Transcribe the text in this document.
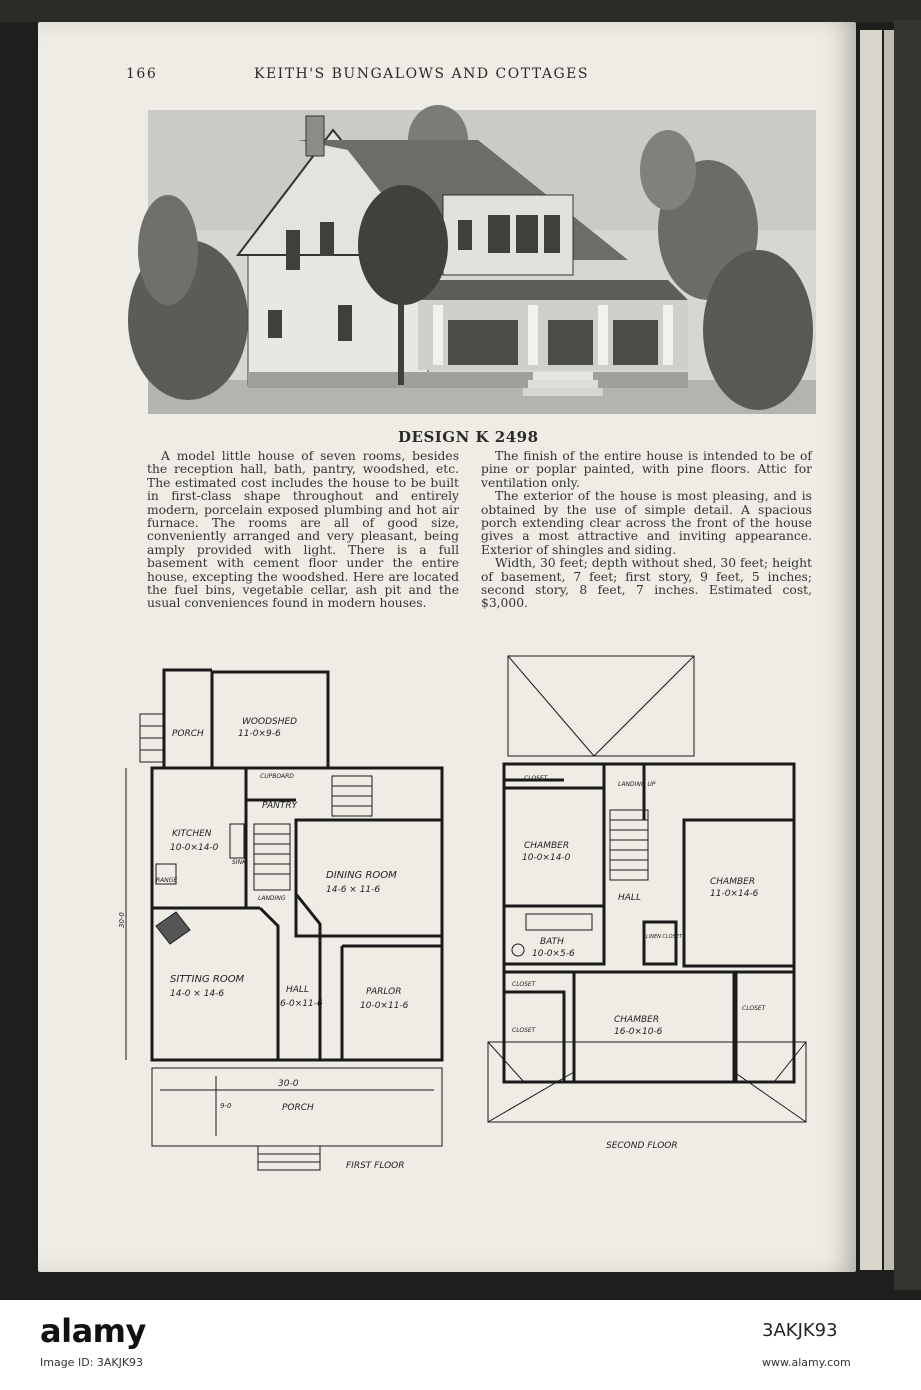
166	KEITH'S BUNGALOWS AND COTTAGES
DESIGN K 2498

A model little house of seven rooms, besides the reception hall, bath, pantry, woodshed, etc. The estimated cost includes the house to be built in first-class shape throughout and entirely modern, porcelain exposed plumbing and hot air furnace. The rooms are all of good size, conveniently arranged and very pleasant, being amply provided with light. There is a full basement with cement floor under the entire house, excepting the woodshed. Here are located the fuel bins, vegetable cellar, ash pit and the usual conveniences found in modern houses.

The finish of the entire house is intended to be of pine or poplar painted, with pine floors. Attic for ventilation only.

The exterior of the house is most pleasing, and is obtained by the use of simple detail. A spacious porch extending clear across the front of the house gives a most attractive and inviting appearance. Exterior of shingles and siding.

Width, 30 feet; depth without shed, 30 feet; height of basement, 7 feet; first story, 9 feet, 5 inches; second story, 8 feet, 7 inches. Estimated cost, $3,000.

WOODSHED
11-0×9-6
PORCH
CUPBOARD
PANTRY
KITCHEN
10-0×14-0
RANGE
SINK
LANDING
DINING ROOM
14-6 × 11-6
SITTING ROOM
14-0 × 14-6	HALL
6-0×11-6
PARLOR
10-0×11-6
30-0
30-0
9-0	PORCH
FIRST FLOOR
CLOSET
LANDING UP
CHAMBER
10-0×14-0
CHAMBER
11-0×14-6
HALL
BATH
10-0×5-6
LINEN CLOSET
CLOSET
CLOSET
CLOSET
CHAMBER
16-0×10-6
SECOND FLOOR
alamy
Image ID: 3AKJK93
3AKJK93
www.alamy.com
